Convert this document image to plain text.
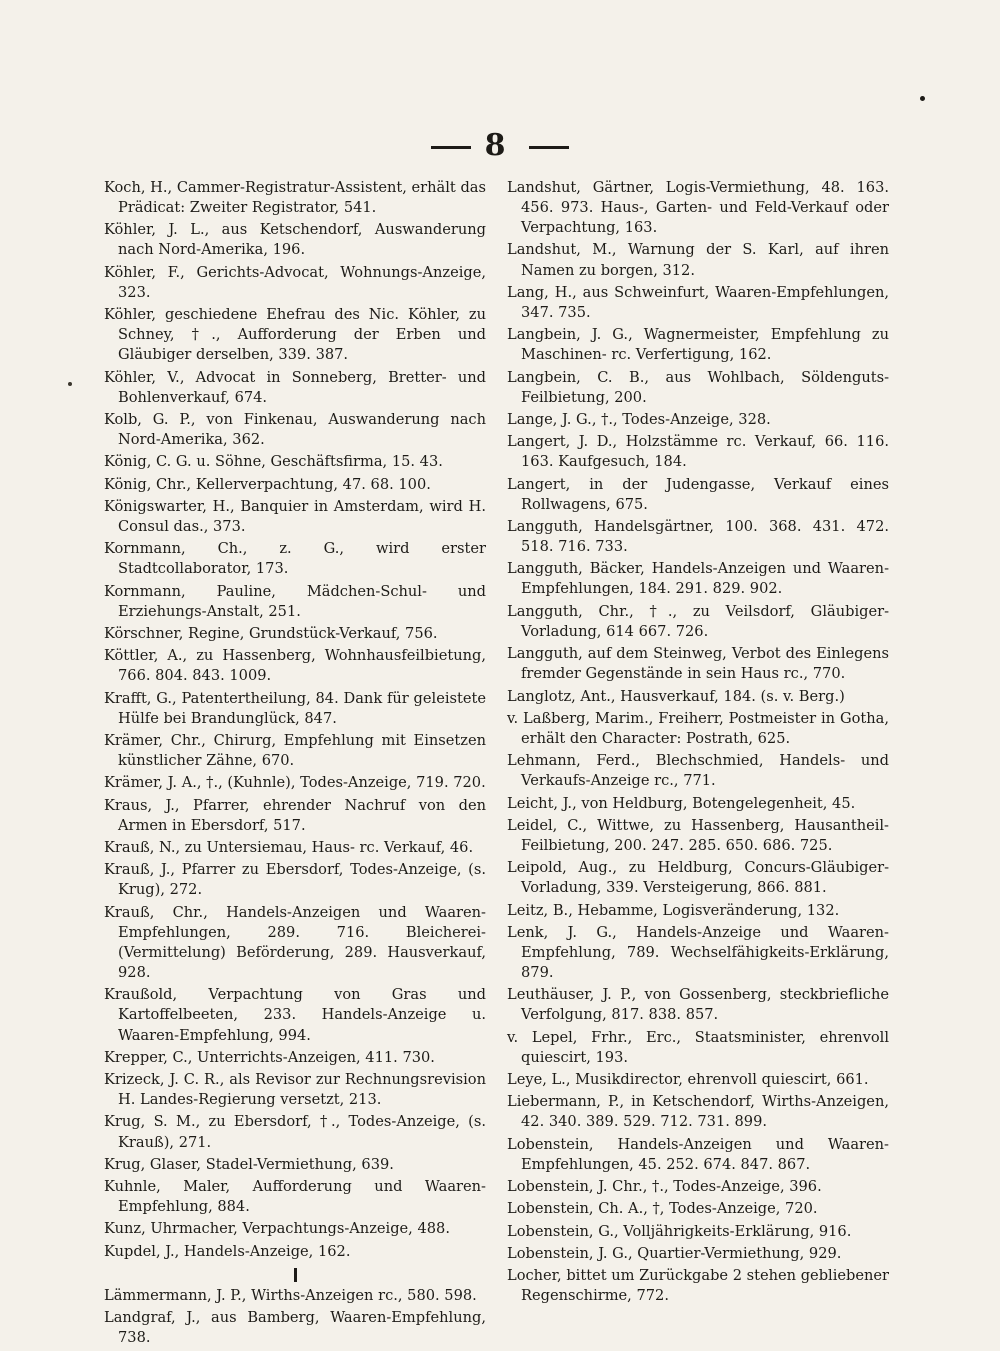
8

Koch, H., Cammer-Registratur-Assistent, erhält das Prädicat: Zweiter Registrator, 541.

Köhler, J. L., aus Ketschendorf, Auswanderung nach Nord-Amerika, 196.

Köhler, F., Gerichts-Advocat, Wohnungs-Anzeige, 323.

Köhler, geschiedene Ehefrau des Nic. Köhler, zu Schney, †., Aufforderung der Erben und Gläubiger derselben, 339. 387.

Köhler, V., Advocat in Sonneberg, Bretter- und Bohlenverkauf, 674.

Kolb, G. P., von Finkenau, Auswanderung nach Nord-Amerika, 362.

König, C. G. u. Söhne, Geschäftsfirma, 15. 43.

König, Chr., Kellerverpachtung, 47. 68. 100.

Königswarter, H., Banquier in Amsterdam, wird H. Consul das., 373.

Kornmann, Ch., z. G., wird erster Stadtcollaborator, 173.

Kornmann, Pauline, Mädchen-Schul- und Erziehungs-Anstalt, 251.

Körschner, Regine, Grundstück-Verkauf, 756.

Köttler, A., zu Hassenberg, Wohnhausfeilbietung, 766. 804. 843. 1009.

Krafft, G., Patentertheilung, 84. Dank für geleistete Hülfe bei Brandunglück, 847.

Krämer, Chr., Chirurg, Empfehlung mit Einsetzen künstlicher Zähne, 670.

Krämer, J. A., †., (Kuhnle), Todes-Anzeige, 719. 720.

Kraus, J., Pfarrer, ehrender Nachruf von den Armen in Ebersdorf, 517.

Krauß, N., zu Untersiemau, Haus- rc. Verkauf, 46.

Krauß, J., Pfarrer zu Ebersdorf, Todes-Anzeige, (s. Krug), 272.

Krauß, Chr., Handels-Anzeigen und Waaren-Empfehlungen, 289. 716. Bleicherei- (Vermittelung) Beförderung, 289. Hausverkauf, 928.

Kraußold, Verpachtung von Gras und Kartoffelbeeten, 233. Handels-Anzeige u. Waaren-Empfehlung, 994.

Krepper, C., Unterrichts-Anzeigen, 411. 730.

Krizeck, J. C. R., als Revisor zur Rechnungsrevision H. Landes-Regierung versetzt, 213.

Krug, S. M., zu Ebersdorf, †., Todes-Anzeige, (s. Krauß), 271.

Krug, Glaser, Stadel-Vermiethung, 639.

Kuhnle, Maler, Aufforderung und Waaren-Empfehlung, 884.

Kunz, Uhrmacher, Verpachtungs-Anzeige, 488.

Kupdel, J., Handels-Anzeige, 162.

Lämmermann, J. P., Wirths-Anzeigen rc., 580. 598.

Landgraf, J., aus Bamberg, Waaren-Empfehlung, 738.

Landshut, Gärtner, Logis-Vermiethung, 48. 163. 456. 973. Haus-, Garten- und Feld-Verkauf oder Verpachtung, 163.

Landshut, M., Warnung der S. Karl, auf ihren Namen zu borgen, 312.

Lang, H., aus Schweinfurt, Waaren-Empfehlungen, 347. 735.

Langbein, J. G., Wagnermeister, Empfehlung zu Maschinen- rc. Verfertigung, 162.

Langbein, C. B., aus Wohlbach, Söldenguts-Feilbietung, 200.

Lange, J. G., †., Todes-Anzeige, 328.

Langert, J. D., Holzstämme rc. Verkauf, 66. 116. 163. Kaufgesuch, 184.

Langert, in der Judengasse, Verkauf eines Rollwagens, 675.

Langguth, Handelsgärtner, 100. 368. 431. 472. 518. 716. 733.

Langguth, Bäcker, Handels-Anzeigen und Waaren-Empfehlungen, 184. 291. 829. 902.

Langguth, Chr., †., zu Veilsdorf, Gläubiger-Vorladung, 614 667. 726.

Langguth, auf dem Steinweg, Verbot des Einlegens fremder Gegenstände in sein Haus rc., 770.

Langlotz, Ant., Hausverkauf, 184. (s. v. Berg.)

v. Laßberg, Marim., Freiherr, Postmeister in Gotha, erhält den Character: Postrath, 625.

Lehmann, Ferd., Blechschmied, Handels- und Verkaufs-Anzeige rc., 771.

Leicht, J., von Heldburg, Botengelegenheit, 45.

Leidel, C., Wittwe, zu Hassenberg, Hausantheil-Feilbietung, 200. 247. 285. 650. 686. 725.

Leipold, Aug., zu Heldburg, Concurs-Gläubiger-Vorladung, 339. Versteigerung, 866. 881.

Leitz, B., Hebamme, Logisveränderung, 132.

Lenk, J. G., Handels-Anzeige und Waaren-Empfehlung, 789. Wechselfähigkeits-Erklärung, 879.

Leuthäuser, J. P., von Gossenberg, steckbriefliche Verfolgung, 817. 838. 857.

v. Lepel, Frhr., Erc., Staatsminister, ehrenvoll quiescirt, 193.

Leye, L., Musikdirector, ehrenvoll quiescirt, 661.

Liebermann, P., in Ketschendorf, Wirths-Anzeigen, 42. 340. 389. 529. 712. 731. 899.

Lobenstein, Handels-Anzeigen und Waaren-Empfehlungen, 45. 252. 674. 847. 867.

Lobenstein, J. Chr., †., Todes-Anzeige, 396.

Lobenstein, Ch. A., †, Todes-Anzeige, 720.

Lobenstein, G., Volljährigkeits-Erklärung, 916.

Lobenstein, J. G., Quartier-Vermiethung, 929.

Locher, bittet um Zurückgabe 2 stehen gebliebener Regenschirme, 772.
